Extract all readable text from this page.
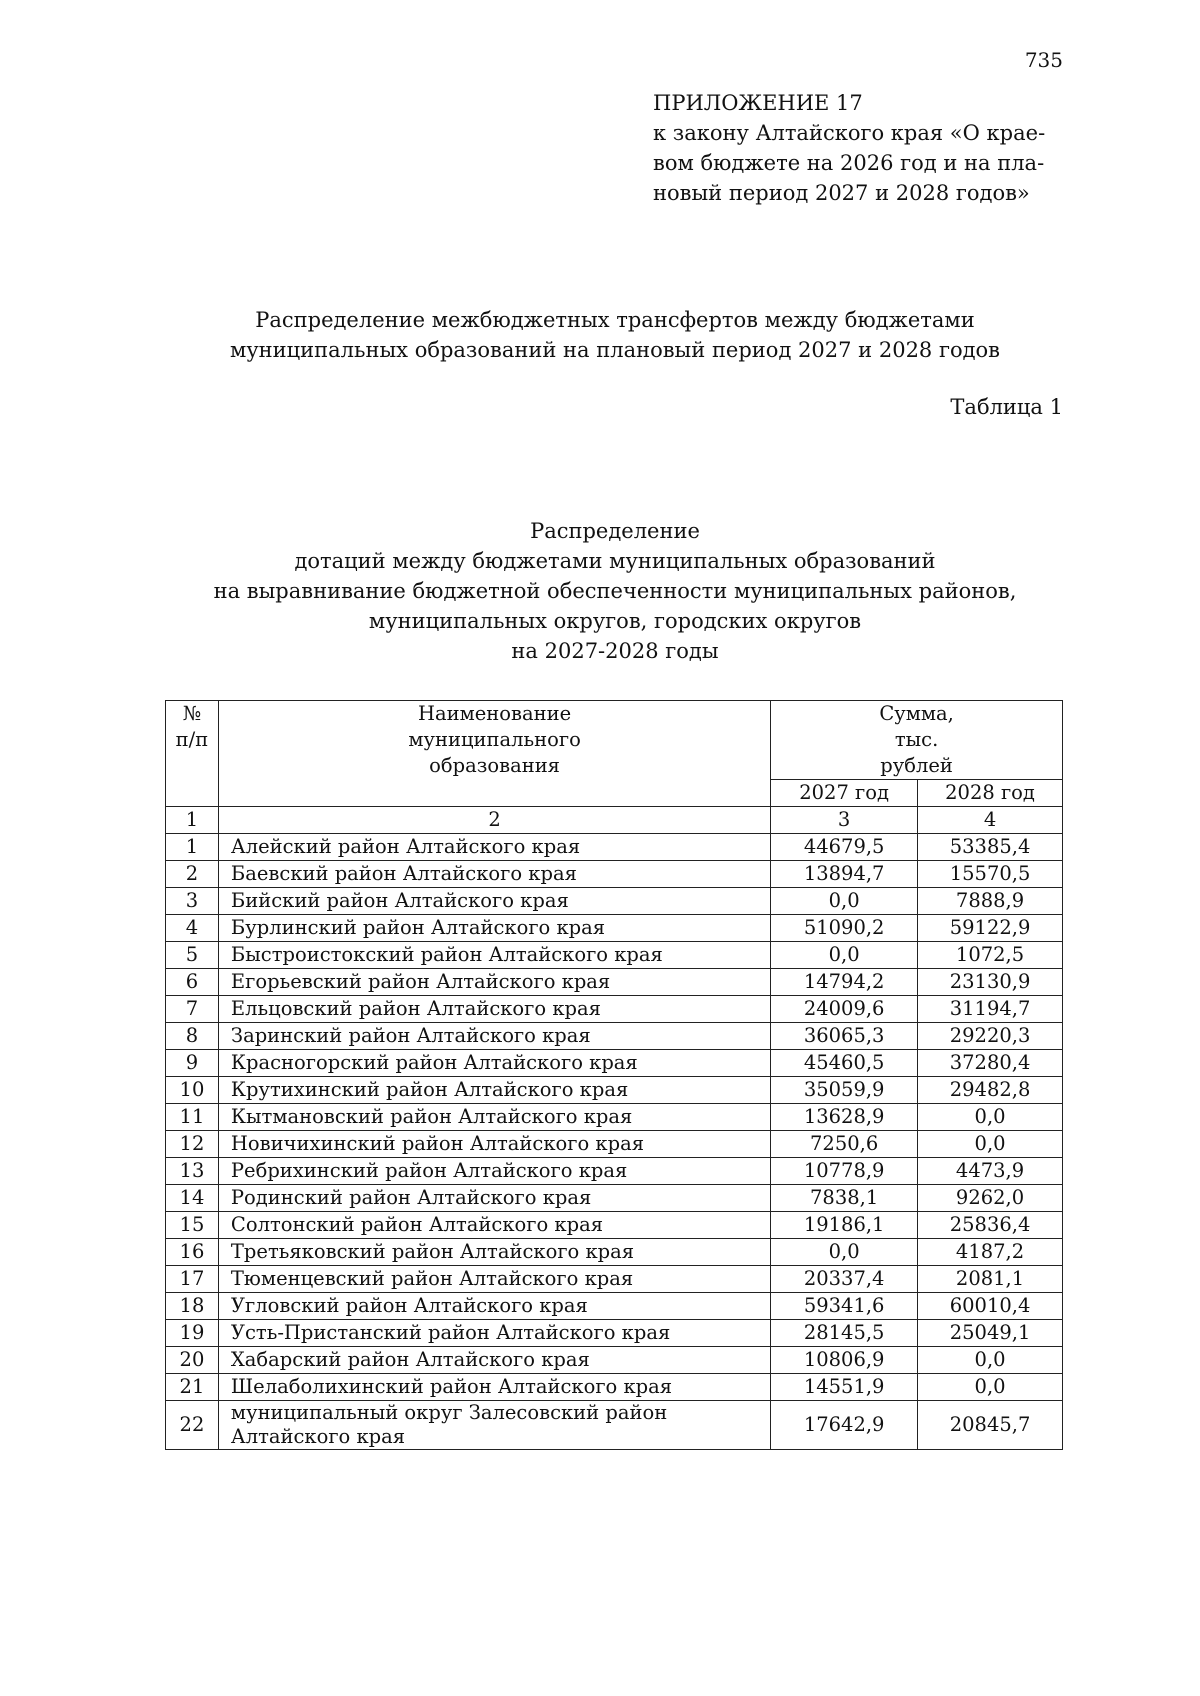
735
ПРИЛОЖЕНИЕ 17
к закону Алтайского края «О крае-
вом бюджете на 2026 год и на пла-
новый период 2027 и 2028 годов»
Распределение межбюджетных трансфертов между бюджетами
муниципальных образований на плановый период 2027 и 2028 годов
Таблица 1
Распределение
дотаций между бюджетами муниципальных образований
на выравнивание бюджетной обеспеченности муниципальных районов,
муниципальных округов, городских округов
на 2027-2028 годы
№ п/п	Наименование муниципального образования	Сумма, тыс. рублей	
		2027 год	2028 год
1	2	3	4
1	Алейский район Алтайского края	44679,5	53385,4
2	Баевский район Алтайского края	13894,7	15570,5
3	Бийский район Алтайского края	0,0	7888,9
4	Бурлинский район Алтайского края	51090,2	59122,9
5	Быстроистокский район Алтайского края	0,0	1072,5
6	Егорьевский район Алтайского края	14794,2	23130,9
7	Ельцовский район Алтайского края	24009,6	31194,7
8	Заринский район Алтайского края	36065,3	29220,3
9	Красногорский район Алтайского края	45460,5	37280,4
10	Крутихинский район Алтайского края	35059,9	29482,8
11	Кытмановский район Алтайского края	13628,9	0,0
12	Новичихинский район Алтайского края	7250,6	0,0
13	Ребрихинский район Алтайского края	10778,9	4473,9
14	Родинский район Алтайского края	7838,1	9262,0
15	Солтонский район Алтайского края	19186,1	25836,4
16	Третьяковский район Алтайского края	0,0	4187,2
17	Тюменцевский район Алтайского края	20337,4	2081,1
18	Угловский район Алтайского края	59341,6	60010,4
19	Усть-Пристанский район Алтайского края	28145,5	25049,1
20	Хабарский район Алтайского края	10806,9	0,0
21	Шелаболихинский район Алтайского края	14551,9	0,0
22	муниципальный округ Залесовский район Алтайского края	17642,9	20845,7
